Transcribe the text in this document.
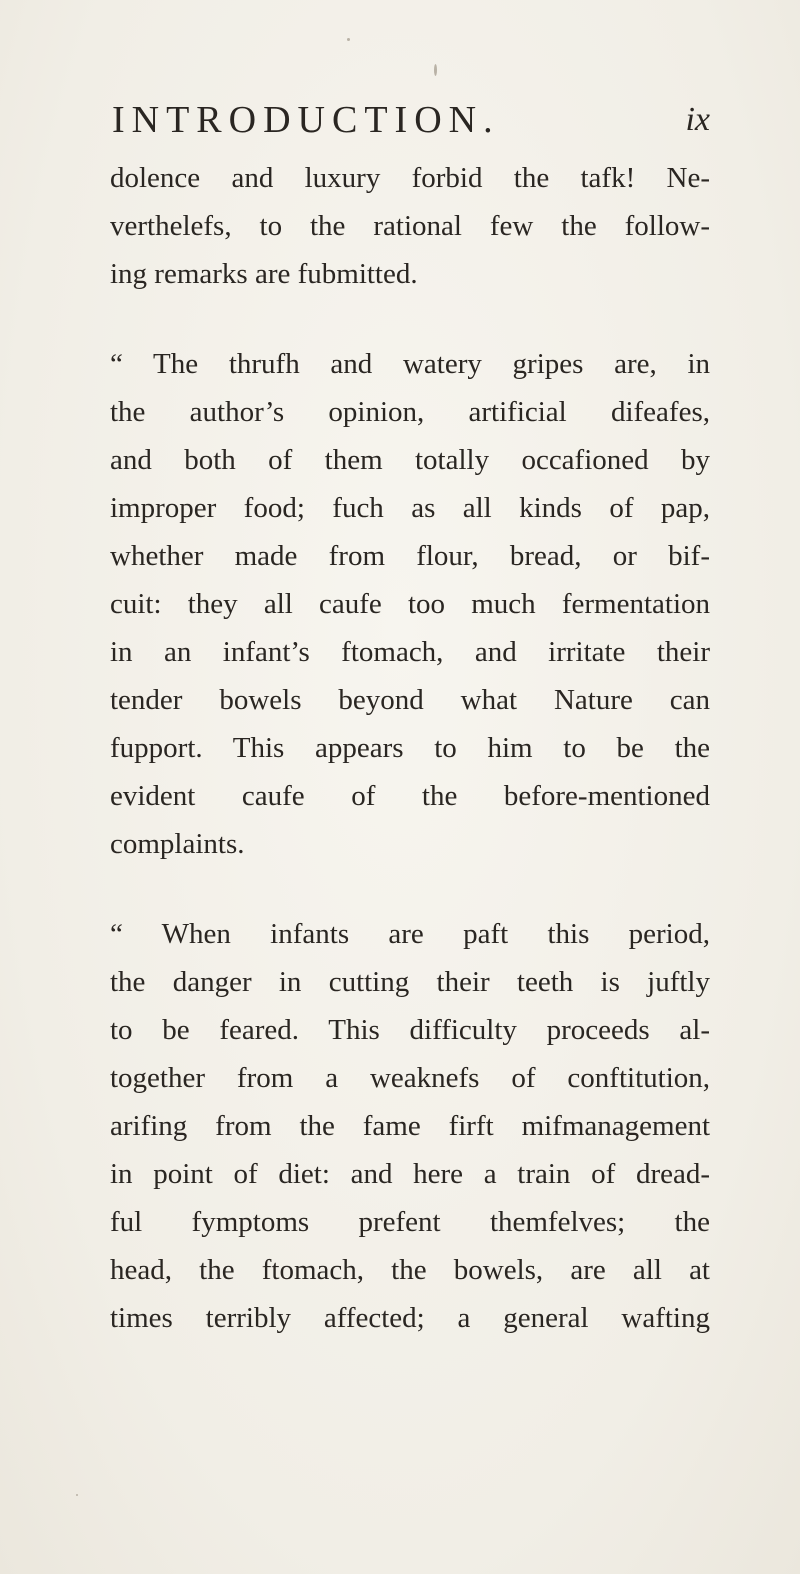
INTRODUCTION.	ix
dolence and luxury forbid the tafk! Ne-
verthelefs, to the rational few the follow-
ing remarks are fubmitted.
“ The thrufh and watery gripes are, in
the author’s opinion, artificial difeafes,
and both of them totally occafioned by
improper food; fuch as all kinds of pap,
whether made from flour, bread, or bif-
cuit: they all caufe too much fermentation
in an infant’s ftomach, and irritate their
tender bowels beyond what Nature can
fupport. This appears to him to be the
evident caufe of the before-mentioned
complaints.
“ When infants are paft this period,
the danger in cutting their teeth is juftly
to be feared. This difficulty proceeds al-
together from a weaknefs of conftitution,
arifing from the fame firft mifmanagement
in point of diet: and here a train of dread-
ful fymptoms prefent themfelves; the
head, the ftomach, the bowels, are all at
times terribly affected; a general wafting
